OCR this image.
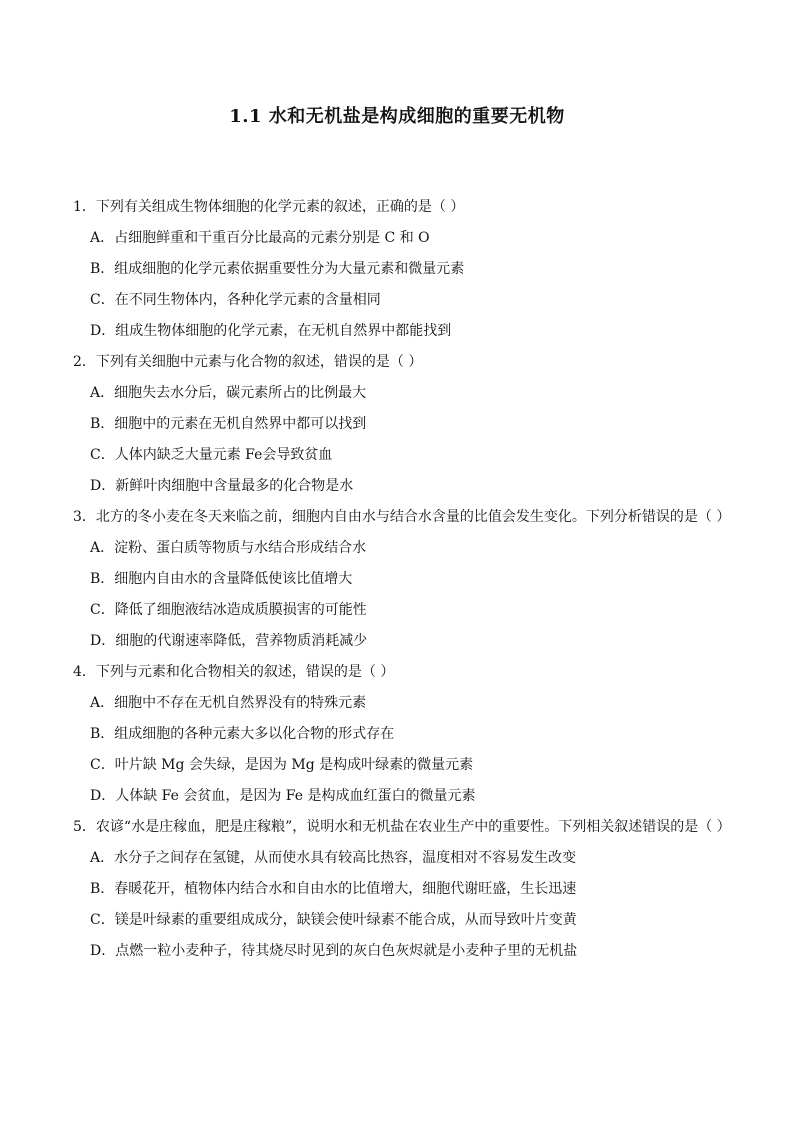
1.1 水和无机盐是构成细胞的重要无机物

1．下列有关组成生物体细胞的化学元素的叙述，正确的是（ ）

A．占细胞鲜重和干重百分比最高的元素分别是 C 和 O
B．组成细胞的化学元素依据重要性分为大量元素和微量元素
C．在不同生物体内，各种化学元素的含量相同
D．组成生物体细胞的化学元素，在无机自然界中都能找到

2．下列有关细胞中元素与化合物的叙述，错误的是（ ）

A．细胞失去水分后，碳元素所占的比例最大
B．细胞中的元素在无机自然界中都可以找到
C．人体内缺乏大量元素 Fe会导致贫血
D．新鲜叶肉细胞中含量最多的化合物是水

3．北方的冬小麦在冬天来临之前，细胞内自由水与结合水含量的比值会发生变化。下列分析错误的是（ ）

A．淀粉、蛋白质等物质与水结合形成结合水
B．细胞内自由水的含量降低使该比值增大
C．降低了细胞液结冰造成质膜损害的可能性
D．细胞的代谢速率降低，营养物质消耗减少

4．下列与元素和化合物相关的叙述，错误的是（ ）

A．细胞中不存在无机自然界没有的特殊元素
B．组成细胞的各种元素大多以化合物的形式存在
C．叶片缺 Mg 会失绿，是因为 Mg 是构成叶绿素的微量元素
D．人体缺 Fe 会贫血，是因为 Fe 是构成血红蛋白的微量元素

5．农谚“水是庄稼血，肥是庄稼粮”，说明水和无机盐在农业生产中的重要性。下列相关叙述错误的是（ ）

A．水分子之间存在氢键，从而使水具有较高比热容，温度相对不容易发生改变
B．春暖花开，植物体内结合水和自由水的比值增大，细胞代谢旺盛，生长迅速
C．镁是叶绿素的重要组成成分，缺镁会使叶绿素不能合成，从而导致叶片变黄
D．点燃一粒小麦种子，待其烧尽时见到的灰白色灰烬就是小麦种子里的无机盐
